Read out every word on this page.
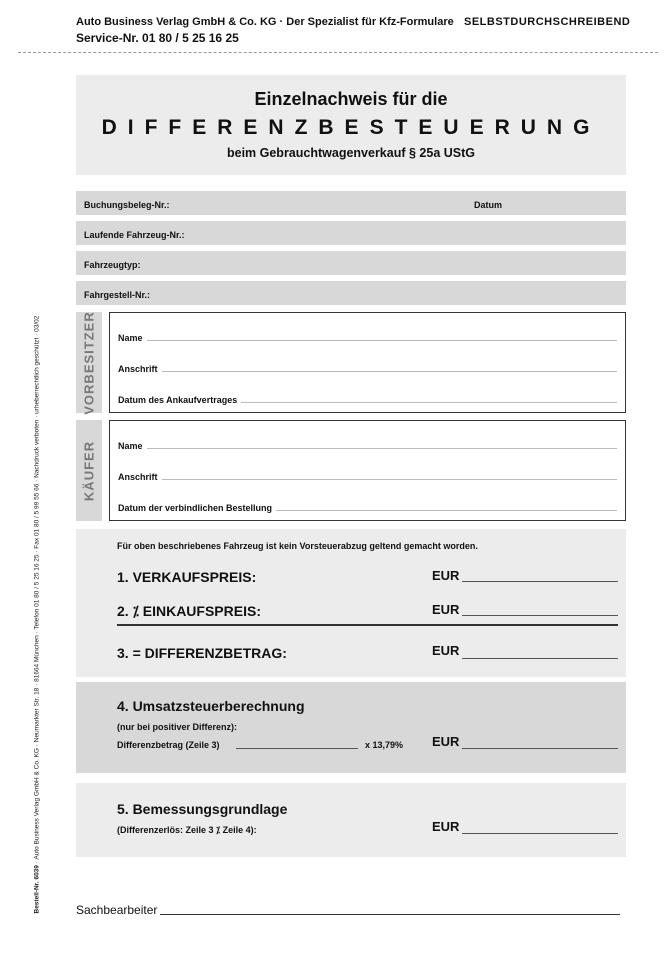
Auto Business Verlag GmbH & Co. KG · Der Spezialist für Kfz-Formulare
Service-Nr. 01 80 / 5 25 16 25
SELBSTDURCHSCHREIBEND
Bestell-Nr. 6039 · Auto Business Verlag GmbH & Co. KG · Neumarkter Str. 18 · 81664 München · Telefon 01 80 / 5 25 16 25 · Fax 01 80 / 5 99 55 66 · Nachdruck verboten · urheberrechtlich geschützt · 03/02
Einzelnachweis für die
DIFFERENZBESTEUERUNG
beim Gebrauchtwagenverkauf § 25a UStG
Buchungsbeleg-Nr.:	Datum
Laufende Fahrzeug-Nr.:
Fahrzeugtyp:
Fahrgestell-Nr.:
VORBESITZER Name
Anschrift
Datum des Ankaufvertrages
KÄUFER Name
Anschrift
Datum der verbindlichen Bestellung
Für oben beschriebenes Fahrzeug ist kein Vorsteuerabzug geltend gemacht worden.
1. VERKAUFSPREIS:	EUR
2. ⁒ EINKAUFSPREIS:	EUR
3. = DIFFERENZBETRAG:	EUR
4. Umsatzsteuerberechnung
(nur bei positiver Differenz):
Differenzbetrag (Zeile 3)	x 13,79% EUR
5. Bemessungsgrundlage
(Differenzerlös: Zeile 3 ⁒ Zeile 4):	EUR
Sachbearbeiter
